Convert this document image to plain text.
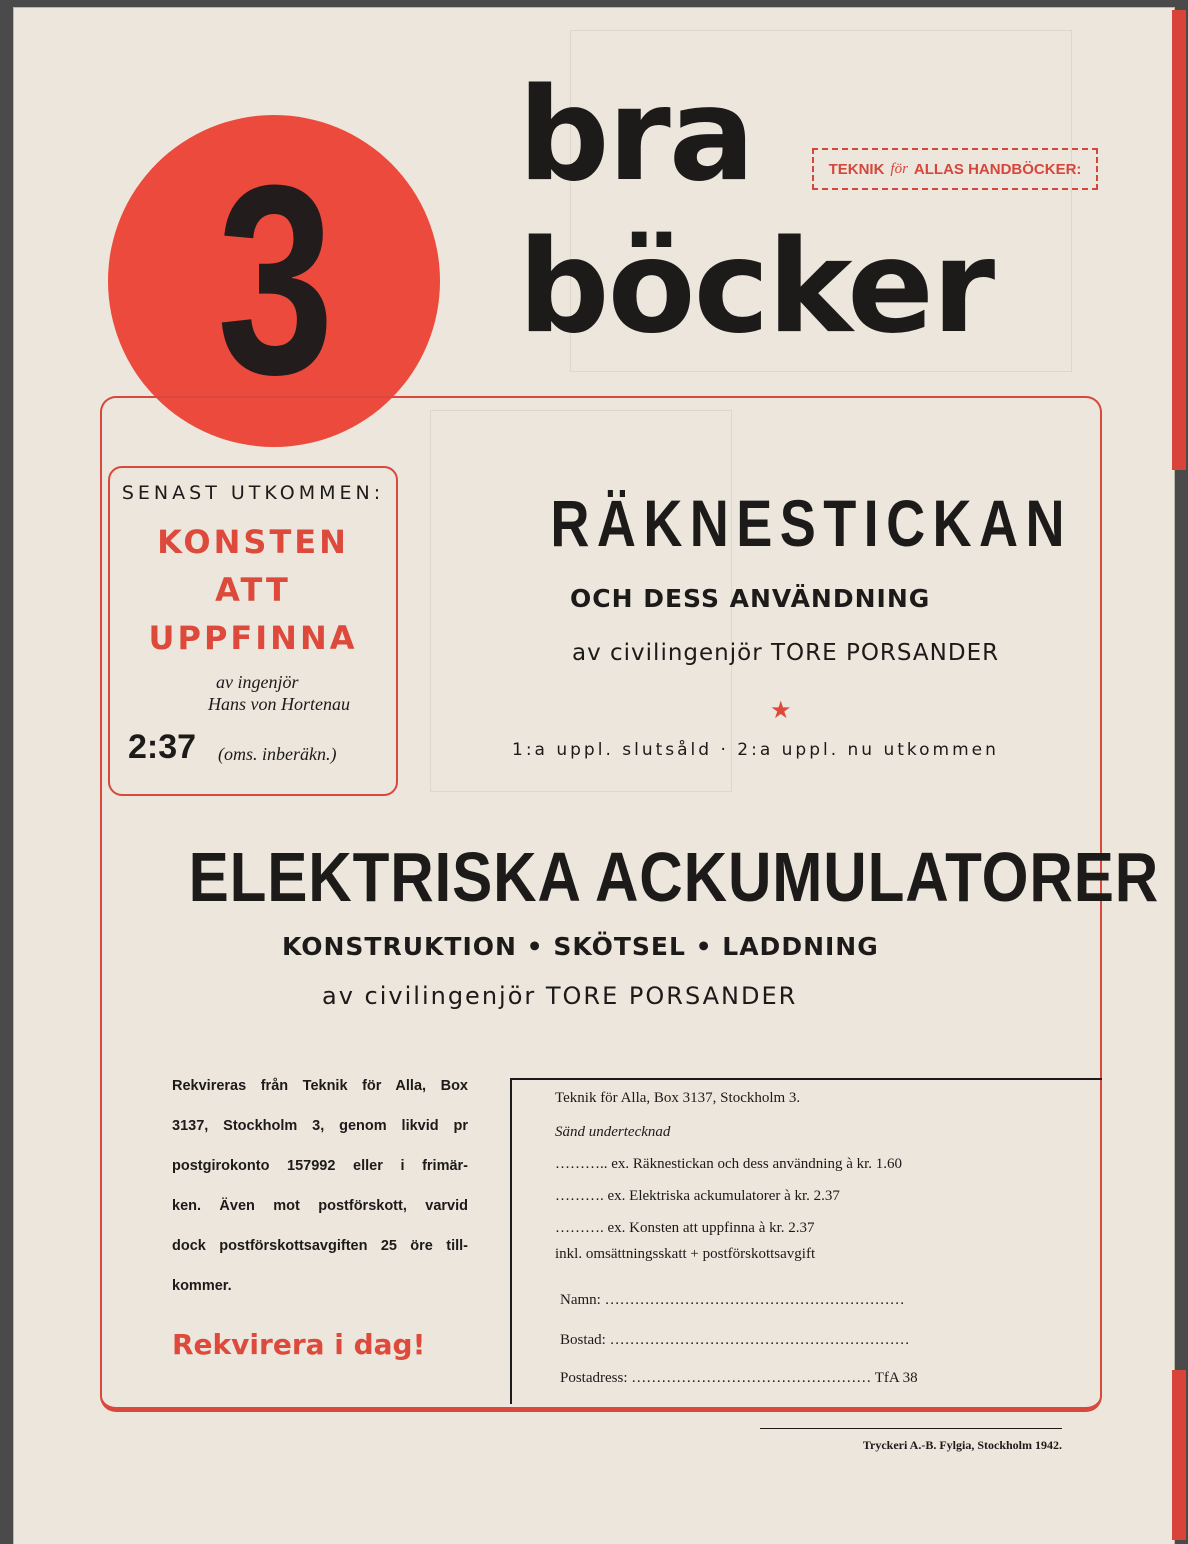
3	bra
böcker
TEKNIK för ALLAS HANDBÖCKER:
SENAST UTKOMMEN:
KONSTEN
ATT
UPPFINNA
av ingenjör
Hans von Hortenau
2:37 (oms. inberäkn.)
RÄKNESTICKAN
OCH DESS ANVÄNDNING
av civilingenjör TORE PORSANDER
★
1:a uppl. slutsåld · 2:a uppl. nu utkommen
ELEKTRISKA ACKUMULATORER
KONSTRUKTION • SKÖTSEL • LADDNING
av civilingenjör TORE PORSANDER
Rekvireras från Teknik för Alla, Box
3137, Stockholm 3, genom likvid pr
postgirokonto 157992 eller i frimär-
ken. Även mot postförskott, varvid
dock postförskottsavgiften 25 öre till-
kommer.
Rekvirera i dag!
Teknik för Alla, Box 3137, Stockholm 3.
Sänd undertecknad
……….. ex. Räknestickan och dess användning à kr. 1.60
………. ex. Elektriska ackumulatorer à kr. 2.37
………. ex. Konsten att uppfinna à kr. 2.37
inkl. omsättningsskatt + postförskottsavgift
Namn: ……………………………………………………
Bostad: ……………………………………………………
Postadress: ………………………………………… TfA 38
Tryckeri A.-B. Fylgia, Stockholm 1942.
